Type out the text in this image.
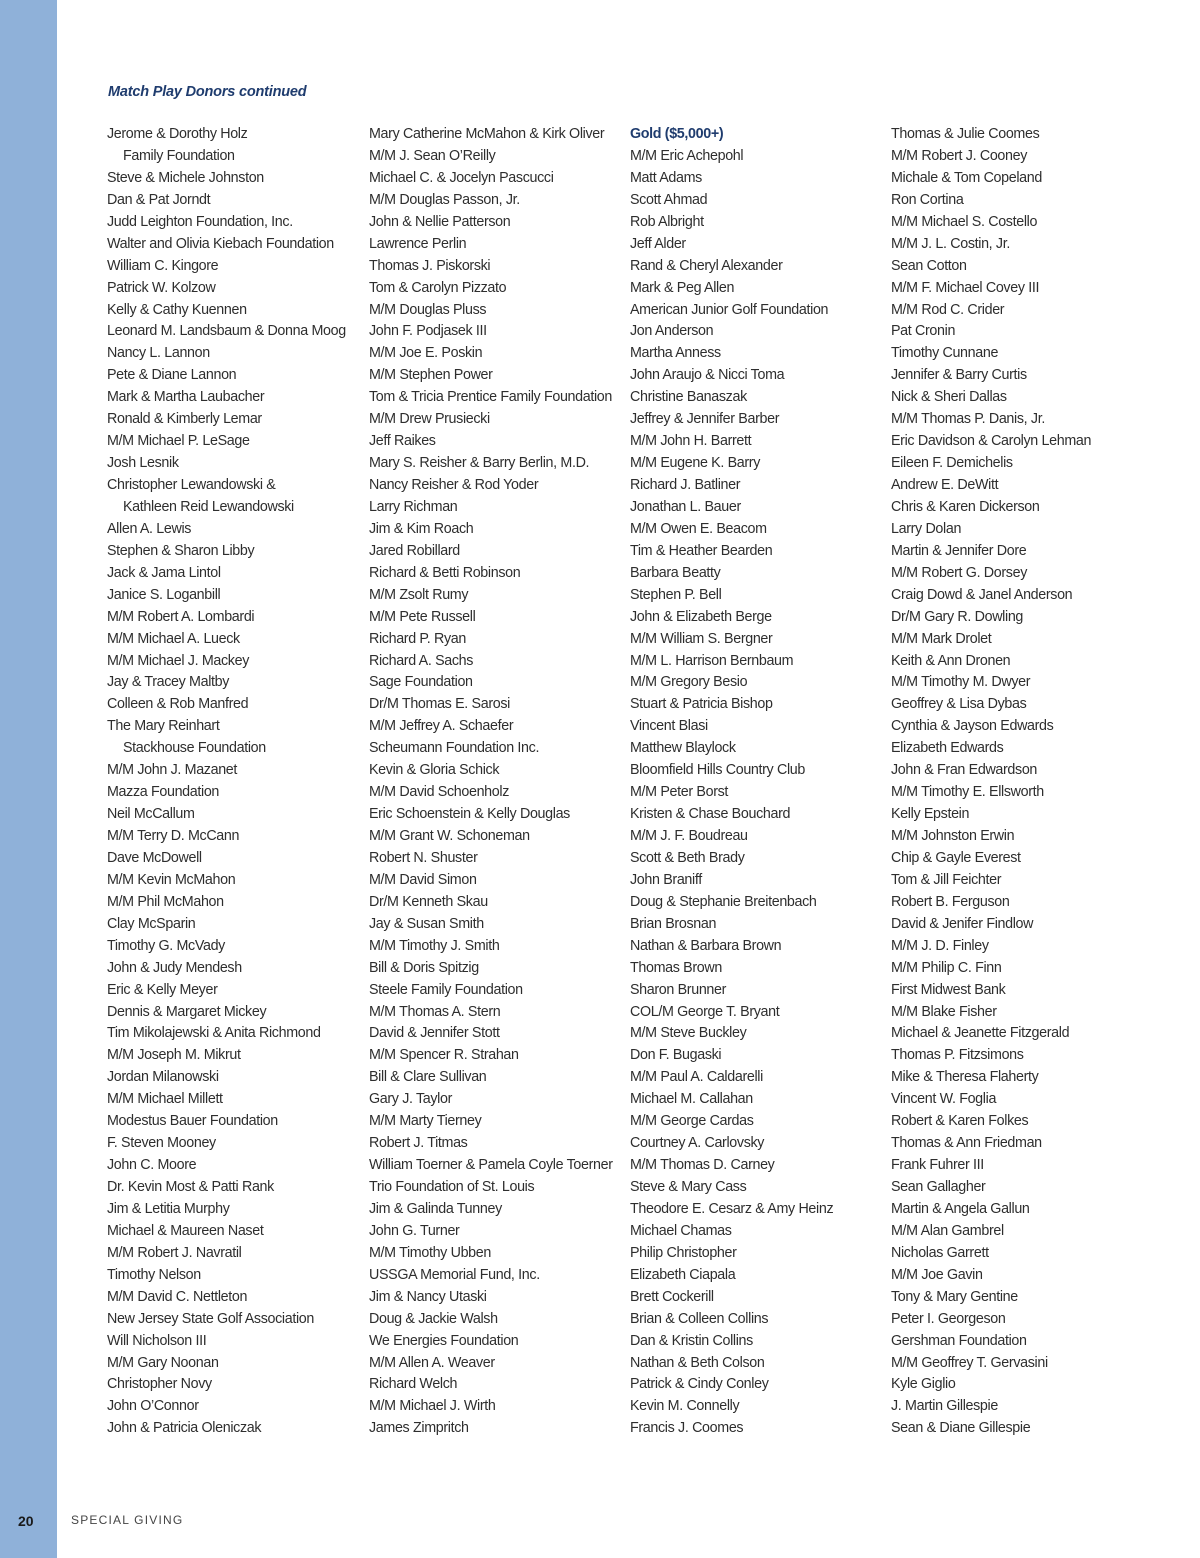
Match Play Donors continued
Jerome & Dorothy Holz
Family Foundation
Steve & Michele Johnston
Dan & Pat Jorndt
Judd Leighton Foundation, Inc.
Walter and Olivia Kiebach Foundation
William C. Kingore
Patrick W. Kolzow
Kelly & Cathy Kuennen
Leonard M. Landsbaum & Donna Moog
Nancy L. Lannon
Pete & Diane Lannon
Mark & Martha Laubacher
Ronald & Kimberly Lemar
M/M Michael P. LeSage
Josh Lesnik
Christopher Lewandowski &
Kathleen Reid Lewandowski
Allen A. Lewis
Stephen & Sharon Libby
Jack & Jama Lintol
Janice S. Loganbill
M/M Robert A. Lombardi
M/M Michael A. Lueck
M/M Michael J. Mackey
Jay & Tracey Maltby
Colleen & Rob Manfred
The Mary Reinhart
Stackhouse Foundation
M/M John J. Mazanet
Mazza Foundation
Neil McCallum
M/M Terry D. McCann
Dave McDowell
M/M Kevin McMahon
M/M Phil McMahon
Clay McSparin
Timothy G. McVady
John & Judy Mendesh
Eric & Kelly Meyer
Dennis & Margaret Mickey
Tim Mikolajewski & Anita Richmond
M/M Joseph M. Mikrut
Jordan Milanowski
M/M Michael Millett
Modestus Bauer Foundation
F. Steven Mooney
John C. Moore
Dr. Kevin Most & Patti Rank
Jim & Letitia Murphy
Michael & Maureen Naset
M/M Robert J. Navratil
Timothy Nelson
M/M David C. Nettleton
New Jersey State Golf Association
Will Nicholson III
M/M Gary Noonan
Christopher Novy
John O’Connor
John & Patricia Oleniczak
Mary Catherine McMahon & Kirk Oliver
M/M J. Sean O’Reilly
Michael C. & Jocelyn Pascucci
M/M Douglas Passon, Jr.
John & Nellie Patterson
Lawrence Perlin
Thomas J. Piskorski
Tom & Carolyn Pizzato
M/M Douglas Pluss
John F. Podjasek III
M/M Joe E. Poskin
M/M Stephen Power
Tom & Tricia Prentice Family Foundation
M/M Drew Prusiecki
Jeff Raikes
Mary S. Reisher & Barry Berlin, M.D.
Nancy Reisher & Rod Yoder
Larry Richman
Jim & Kim Roach
Jared Robillard
Richard & Betti Robinson
M/M Zsolt Rumy
M/M Pete Russell
Richard P. Ryan
Richard A. Sachs
Sage Foundation
Dr/M Thomas E. Sarosi
M/M Jeffrey A. Schaefer
Scheumann Foundation Inc.
Kevin & Gloria Schick
M/M David Schoenholz
Eric Schoenstein & Kelly Douglas
M/M Grant W. Schoneman
Robert N. Shuster
M/M David Simon
Dr/M Kenneth Skau
Jay & Susan Smith
M/M Timothy J. Smith
Bill & Doris Spitzig
Steele Family Foundation
M/M Thomas A. Stern
David & Jennifer Stott
M/M Spencer R. Strahan
Bill & Clare Sullivan
Gary J. Taylor
M/M Marty Tierney
Robert J. Titmas
William Toerner & Pamela Coyle Toerner
Trio Foundation of St. Louis
Jim & Galinda Tunney
John G. Turner
M/M Timothy Ubben
USSGA Memorial Fund, Inc.
Jim & Nancy Utaski
Doug & Jackie Walsh
We Energies Foundation
M/M Allen A. Weaver
Richard Welch
M/M Michael J. Wirth
James Zimpritch
Gold ($5,000+)
M/M Eric Achepohl
Matt Adams
Scott Ahmad
Rob Albright
Jeff Alder
Rand & Cheryl Alexander
Mark & Peg Allen
American Junior Golf Foundation
Jon Anderson
Martha Anness
John Araujo & Nicci Toma
Christine Banaszak
Jeffrey & Jennifer Barber
M/M John H. Barrett
M/M Eugene K. Barry
Richard J. Batliner
Jonathan L. Bauer
M/M Owen E. Beacom
Tim & Heather Bearden
Barbara Beatty
Stephen P. Bell
John & Elizabeth Berge
M/M William S. Bergner
M/M L. Harrison Bernbaum
M/M Gregory Besio
Stuart & Patricia Bishop
Vincent Blasi
Matthew Blaylock
Bloomfield Hills Country Club
M/M Peter Borst
Kristen & Chase Bouchard
M/M J. F. Boudreau
Scott & Beth Brady
John Braniff
Doug & Stephanie Breitenbach
Brian Brosnan
Nathan & Barbara Brown
Thomas Brown
Sharon Brunner
COL/M George T. Bryant
M/M Steve Buckley
Don F. Bugaski
M/M Paul A. Caldarelli
Michael M. Callahan
M/M George Cardas
Courtney A. Carlovsky
M/M Thomas D. Carney
Steve & Mary Cass
Theodore E. Cesarz & Amy Heinz
Michael Chamas
Philip Christopher
Elizabeth Ciapala
Brett Cockerill
Brian & Colleen Collins
Dan & Kristin Collins
Nathan & Beth Colson
Patrick & Cindy Conley
Kevin M. Connelly
Francis J. Coomes
Thomas & Julie Coomes
M/M Robert J. Cooney
Michale & Tom Copeland
Ron Cortina
M/M Michael S. Costello
M/M J. L. Costin, Jr.
Sean Cotton
M/M F. Michael Covey III
M/M Rod C. Crider
Pat Cronin
Timothy Cunnane
Jennifer & Barry Curtis
Nick & Sheri Dallas
M/M Thomas P. Danis, Jr.
Eric Davidson & Carolyn Lehman
Eileen F. Demichelis
Andrew E. DeWitt
Chris & Karen Dickerson
Larry Dolan
Martin & Jennifer Dore
M/M Robert G. Dorsey
Craig Dowd & Janel Anderson
Dr/M Gary R. Dowling
M/M Mark Drolet
Keith & Ann Dronen
M/M Timothy M. Dwyer
Geoffrey & Lisa Dybas
Cynthia & Jayson Edwards
Elizabeth Edwards
John & Fran Edwardson
M/M Timothy E. Ellsworth
Kelly Epstein
M/M Johnston Erwin
Chip & Gayle Everest
Tom & Jill Feichter
Robert B. Ferguson
David & Jenifer Findlow
M/M J. D. Finley
M/M Philip C. Finn
First Midwest Bank
M/M Blake Fisher
Michael & Jeanette Fitzgerald
Thomas P. Fitzsimons
Mike & Theresa Flaherty
Vincent W. Foglia
Robert & Karen Folkes
Thomas & Ann Friedman
Frank Fuhrer III
Sean Gallagher
Martin & Angela Gallun
M/M Alan Gambrel
Nicholas Garrett
M/M Joe Gavin
Tony & Mary Gentine
Peter I. Georgeson
Gershman Foundation
M/M Geoffrey T. Gervasini
Kyle Giglio
J. Martin Gillespie
Sean & Diane Gillespie
20	SPECIAL GIVING
